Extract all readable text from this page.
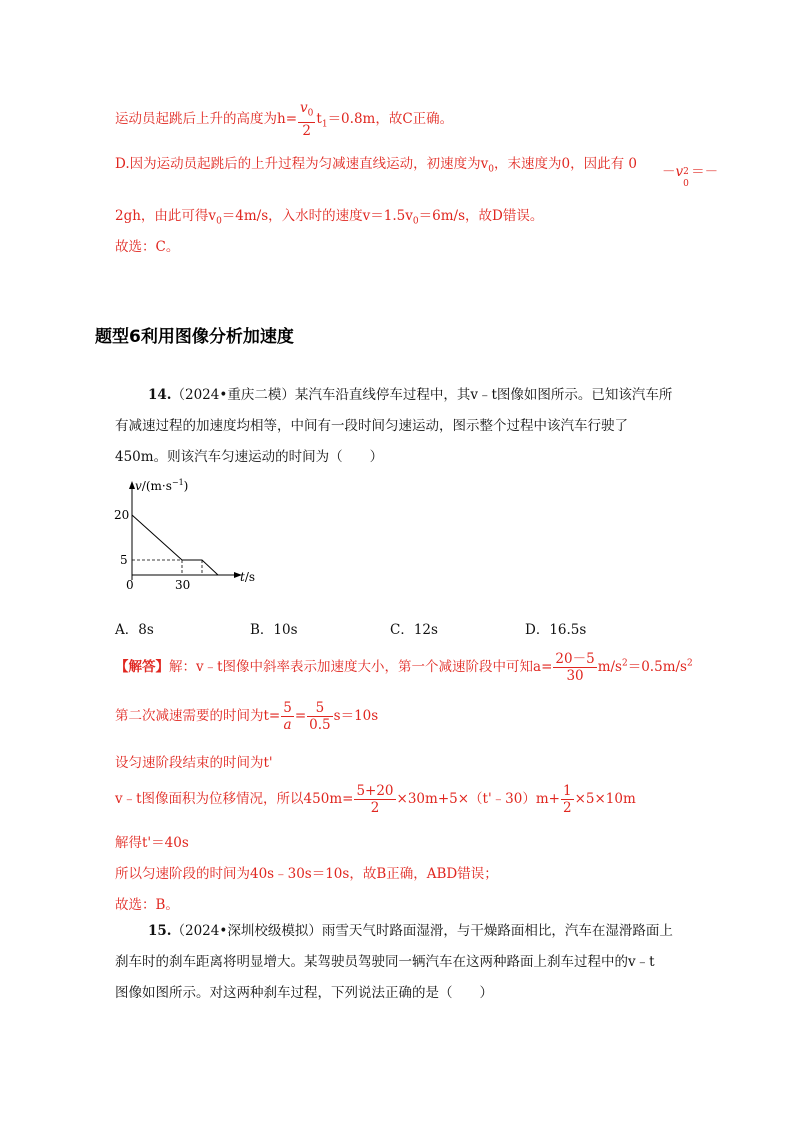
运动员起跳后上升的高度为$h= \frac{v_0}{2} t_1=0.8m$，故C正确。
D.因为运动员起跳后的上升过程为匀减速直线运动，初速度为$v_0$，末速度为0，因此有 0 －v 2
0
＝－
2gh，由此可得$v_0=4m/s$，入水时的速度$v=1.5v_0=6m/s$，故D错误。
故选：C。
题型6利用图像分析加速度
14.（2024•重庆二模）某汽车沿直线停车过程中，其v﹣t图像如图所示。已知该汽车所
有减速过程的加速度均相等，中间有一段时间匀速运动，图示整个过程中该汽车行驶了
450m。则该汽车匀速运动的时间为（　　）
$v/(m\cdot s^{-1})$
20
5
0	30
t/s
A．8s	B．10s	C．12s	D．16.5s
【解答】解：v﹣t图像中斜率表示加速度大小，第一个减速阶段中可知$a= \frac{20-5}{30} m/s^2=0.5m/s^2$
第二次减速需要的时间为$t= \frac{5}{a} = \frac{5}{0.5} s=10s$
设匀速阶段结束的时间为t'
v﹣t图像面积为位移情况，所以$450m= \frac{5+20}{2}$ ×30m+5×（t'﹣30）m+ $\frac{1}{2} \times 5\times 10m$
解得t'＝40s
所以匀速阶段的时间为40s﹣30s＝10s，故B正确，ABD错误；
故选：B。
15.（2024•深圳校级模拟）雨雪天气时路面湿滑，与干燥路面相比，汽车在湿滑路面上
刹车时的刹车距离将明显增大。某驾驶员驾驶同一辆汽车在这两种路面上刹车过程中的v﹣t
图像如图所示。对这两种刹车过程，下列说法正确的是（　　）
